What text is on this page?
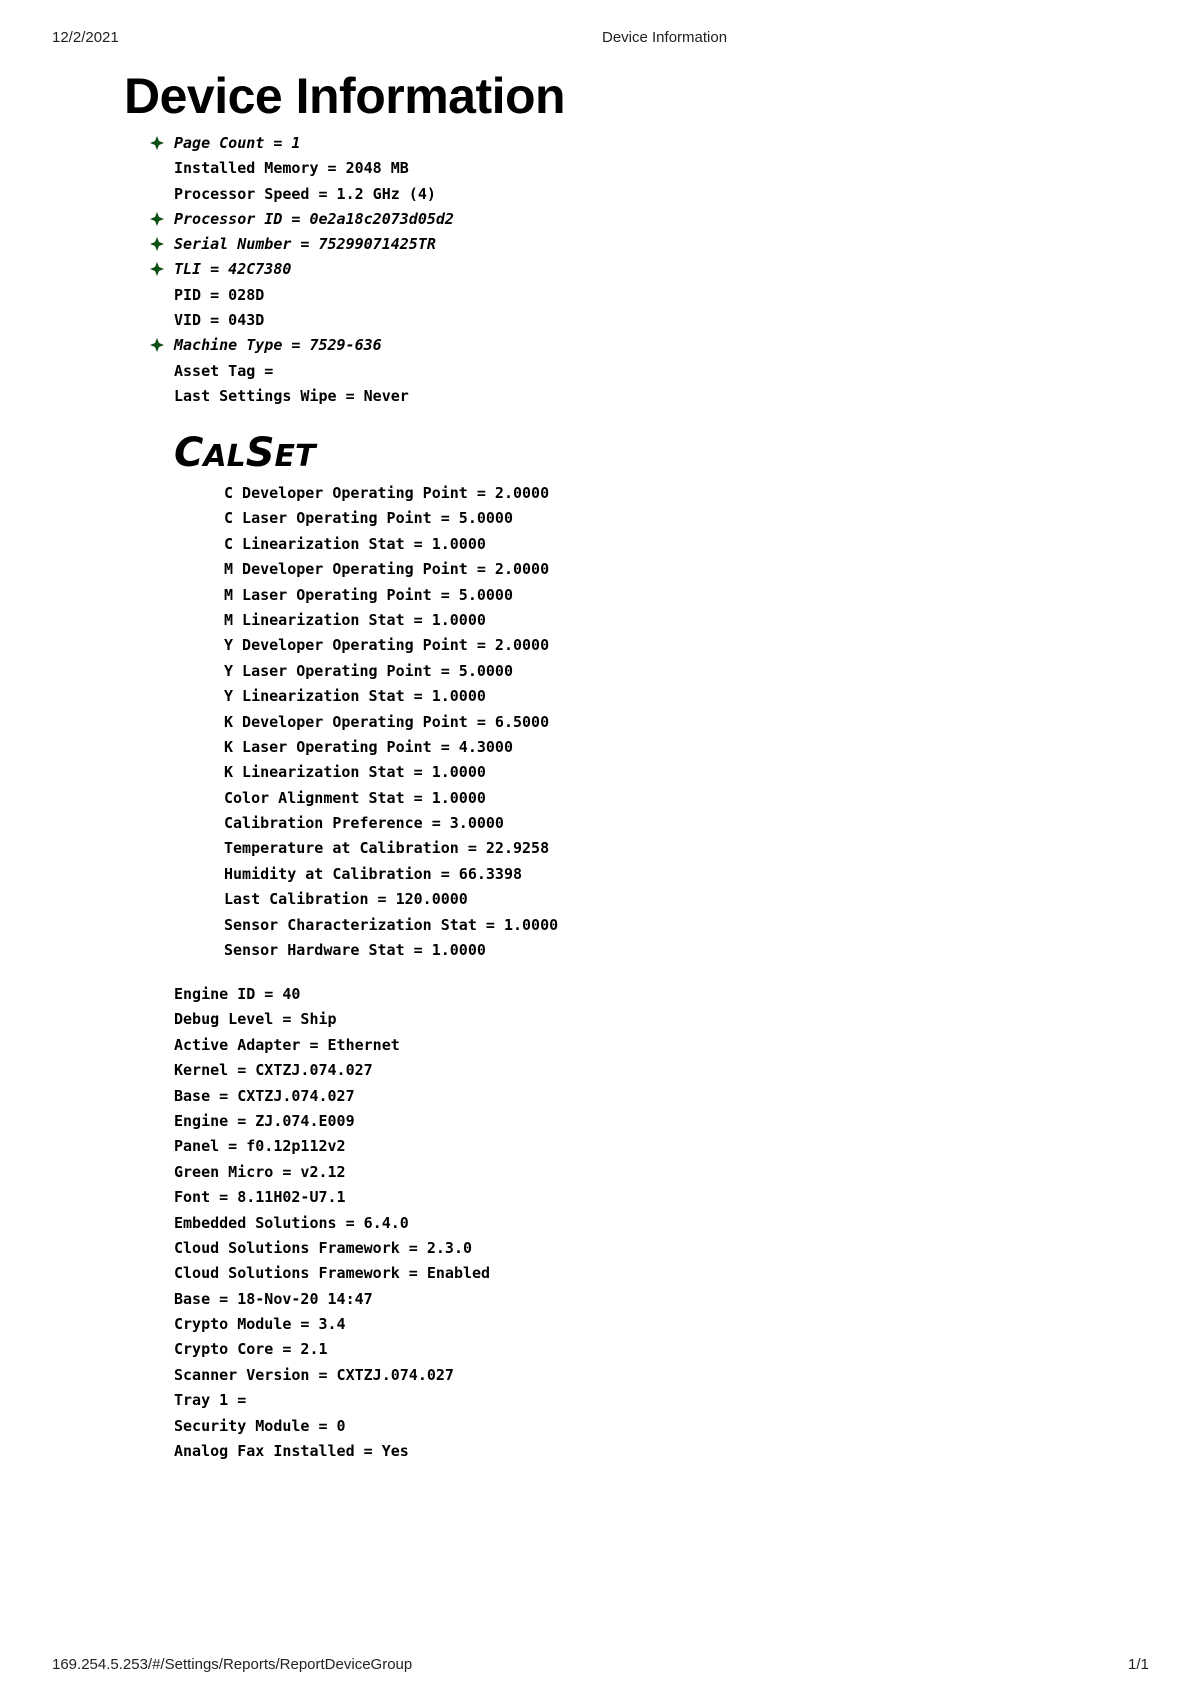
12/2/2021	Device Information
Device Information
Page Count = 1
Installed Memory = 2048 MB
Processor Speed = 1.2 GHz (4)
Processor ID = 0e2a18c2073d05d2
Serial Number = 75299071425TR
TLI = 42C7380
PID = 028D
VID = 043D
Machine Type = 7529-636
Asset Tag =
Last Settings Wipe = Never
CALSET
C Developer Operating Point = 2.0000
C Laser Operating Point = 5.0000
C Linearization Stat = 1.0000
M Developer Operating Point = 2.0000
M Laser Operating Point = 5.0000
M Linearization Stat = 1.0000
Y Developer Operating Point = 2.0000
Y Laser Operating Point = 5.0000
Y Linearization Stat = 1.0000
K Developer Operating Point = 6.5000
K Laser Operating Point = 4.3000
K Linearization Stat = 1.0000
Color Alignment Stat = 1.0000
Calibration Preference = 3.0000
Temperature at Calibration = 22.9258
Humidity at Calibration = 66.3398
Last Calibration = 120.0000
Sensor Characterization Stat = 1.0000
Sensor Hardware Stat = 1.0000
Engine ID = 40
Debug Level = Ship
Active Adapter = Ethernet
Kernel = CXTZJ.074.027
Base = CXTZJ.074.027
Engine = ZJ.074.E009
Panel = f0.12p112v2
Green Micro = v2.12
Font = 8.11H02-U7.1
Embedded Solutions = 6.4.0
Cloud Solutions Framework = 2.3.0
Cloud Solutions Framework = Enabled
Base = 18-Nov-20 14:47
Crypto Module = 3.4
Crypto Core = 2.1
Scanner Version = CXTZJ.074.027
Tray 1 =
Security Module = 0
Analog Fax Installed = Yes
169.254.5.253/#/Settings/Reports/ReportDeviceGroup	1/1
